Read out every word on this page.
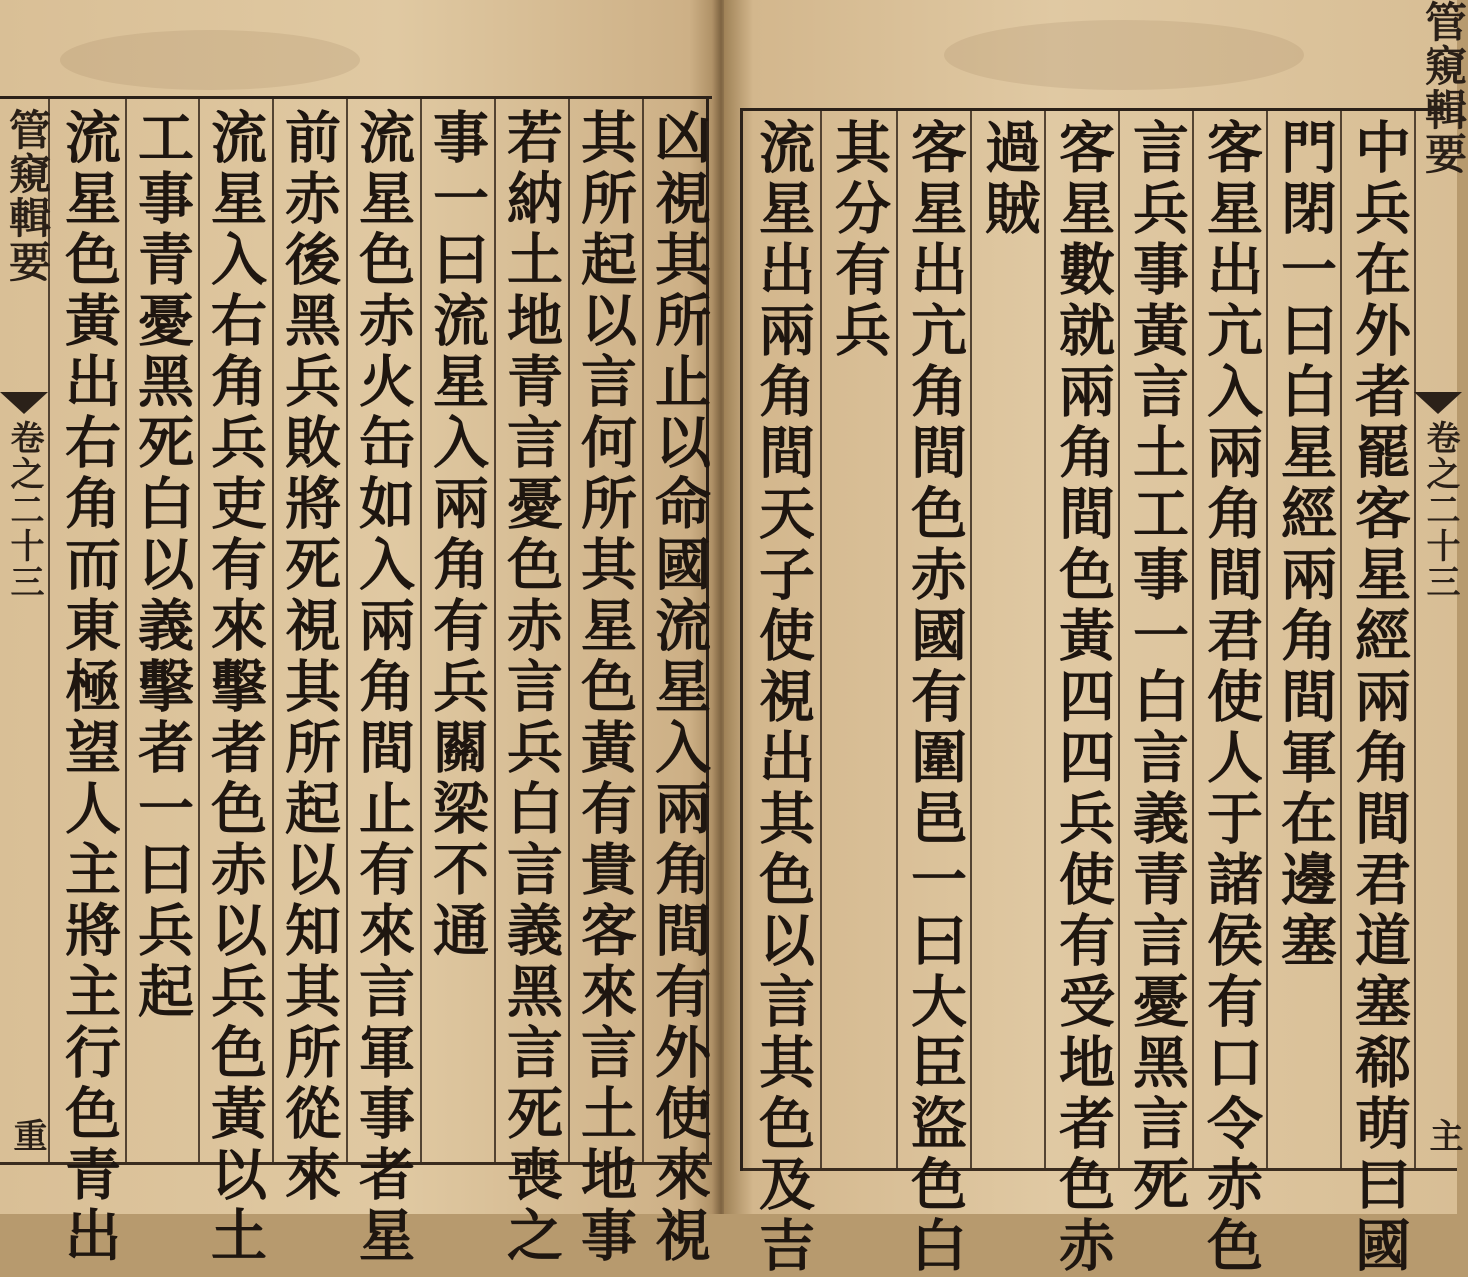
管窺輯要
卷之二十三
重	凶視其所止以命國流星入兩角間有外使來視
其所起以言何所其星色黃有貴客來言土地事
若納土地青言憂色赤言兵白言義黑言死喪之
事一曰流星入兩角有兵關梁不通
流星色赤火缶如入兩角間止有來言軍事者星
前赤後黑兵敗將死視其所起以知其所從來
流星入右角兵吏有來擊者色赤以兵色黃以土
工事青憂黑死白以義擊者一曰兵起
流星色黃出右角而東極望人主將主行色青出
管窺輯要
卷之二十三
主
中兵在外者罷客星經兩角間君道塞郗萌曰國
門閉一曰白星經兩角間軍在邊塞
客星出亢入兩角間君使人于諸侯有口令赤色
言兵事黃言土工事一白言義青言憂黑言死
客星數就兩角間色黃四四兵使有受地者色赤
過賊
客星出亢角間色赤國有圍邑一曰大臣盜色白
其分有兵
流星出兩角間天子使視出其色以言其色及吉
